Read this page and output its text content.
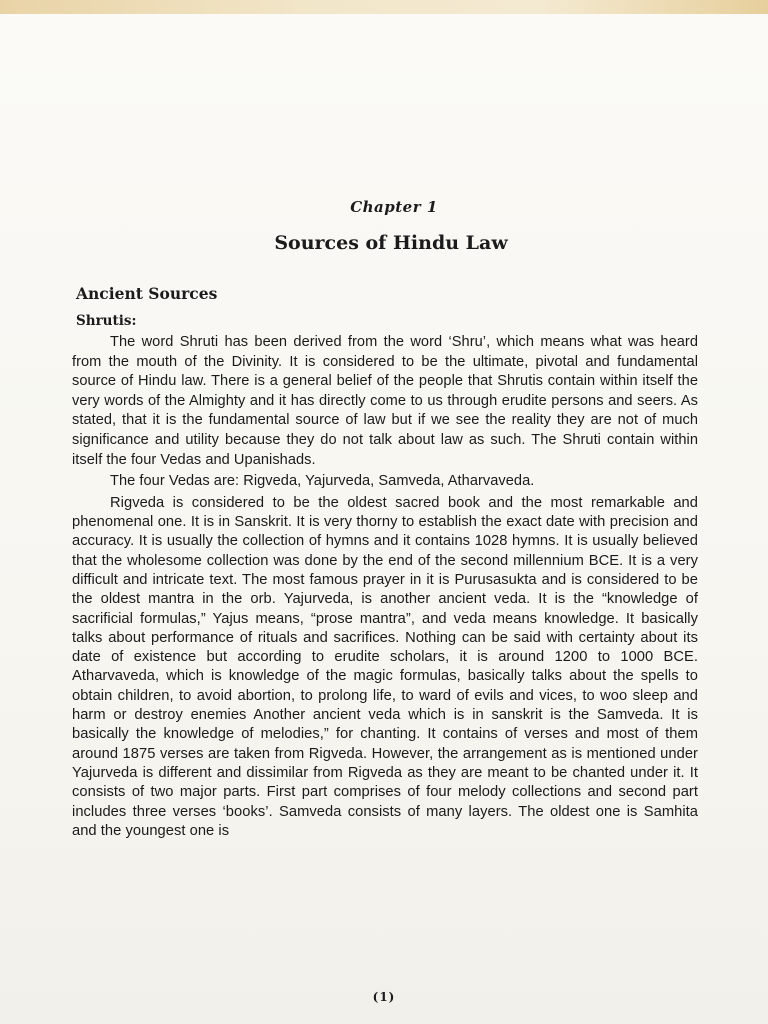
Chapter 1
Sources of Hindu Law
Ancient Sources
Shrutis:

The word Shruti has been derived from the word ‘Shru’, which means what was heard from the mouth of the Divinity. It is considered to be the ultimate, pivotal and fundamental source of Hindu law. There is a general belief of the people that Shrutis contain within itself the very words of the Almighty and it has directly come to us through erudite persons and seers. As stated, that it is the fundamental source of law but if we see the reality they are not of much significance and utility because they do not talk about law as such. The Shruti contain within itself the four Vedas and Upanishads.

The four Vedas are: Rigveda, Yajurveda, Samveda, Atharvaveda.

Rigveda is considered to be the oldest sacred book and the most remarkable and phenomenal one. It is in Sanskrit. It is very thorny to establish the exact date with precision and accuracy. It is usually the collection of hymns and it contains 1028 hymns. It is usually believed that the wholesome collection was done by the end of the second millennium BCE. It is a very difficult and intricate text. The most famous prayer in it is Purusasukta and is considered to be the oldest mantra in the orb. Yajurveda, is another ancient veda. It is the “knowledge of sacrificial formulas,” Yajus means, “prose mantra”, and veda means knowledge. It basically talks about performance of rituals and sacrifices. Nothing can be said with certainty about its date of existence but according to erudite scholars, it is around 1200 to 1000 BCE. Atharvaveda, which is knowledge of the magic formulas, basically talks about the spells to obtain children, to avoid abortion, to prolong life, to ward of evils and vices, to woo sleep and harm or destroy enemies Another ancient veda which is in sanskrit is the Samveda. It is basically the knowledge of melodies,” for chanting. It contains of verses and most of them around 1875 verses are taken from Rigveda. However, the arrangement as is mentioned under Yajurveda is different and dissimilar from Rigveda as they are meant to be chanted under it. It consists of two major parts. First part comprises of four melody collections and second part includes three verses ‘books’. Samveda consists of many layers. The oldest one is Samhita and the youngest one is

(1)
